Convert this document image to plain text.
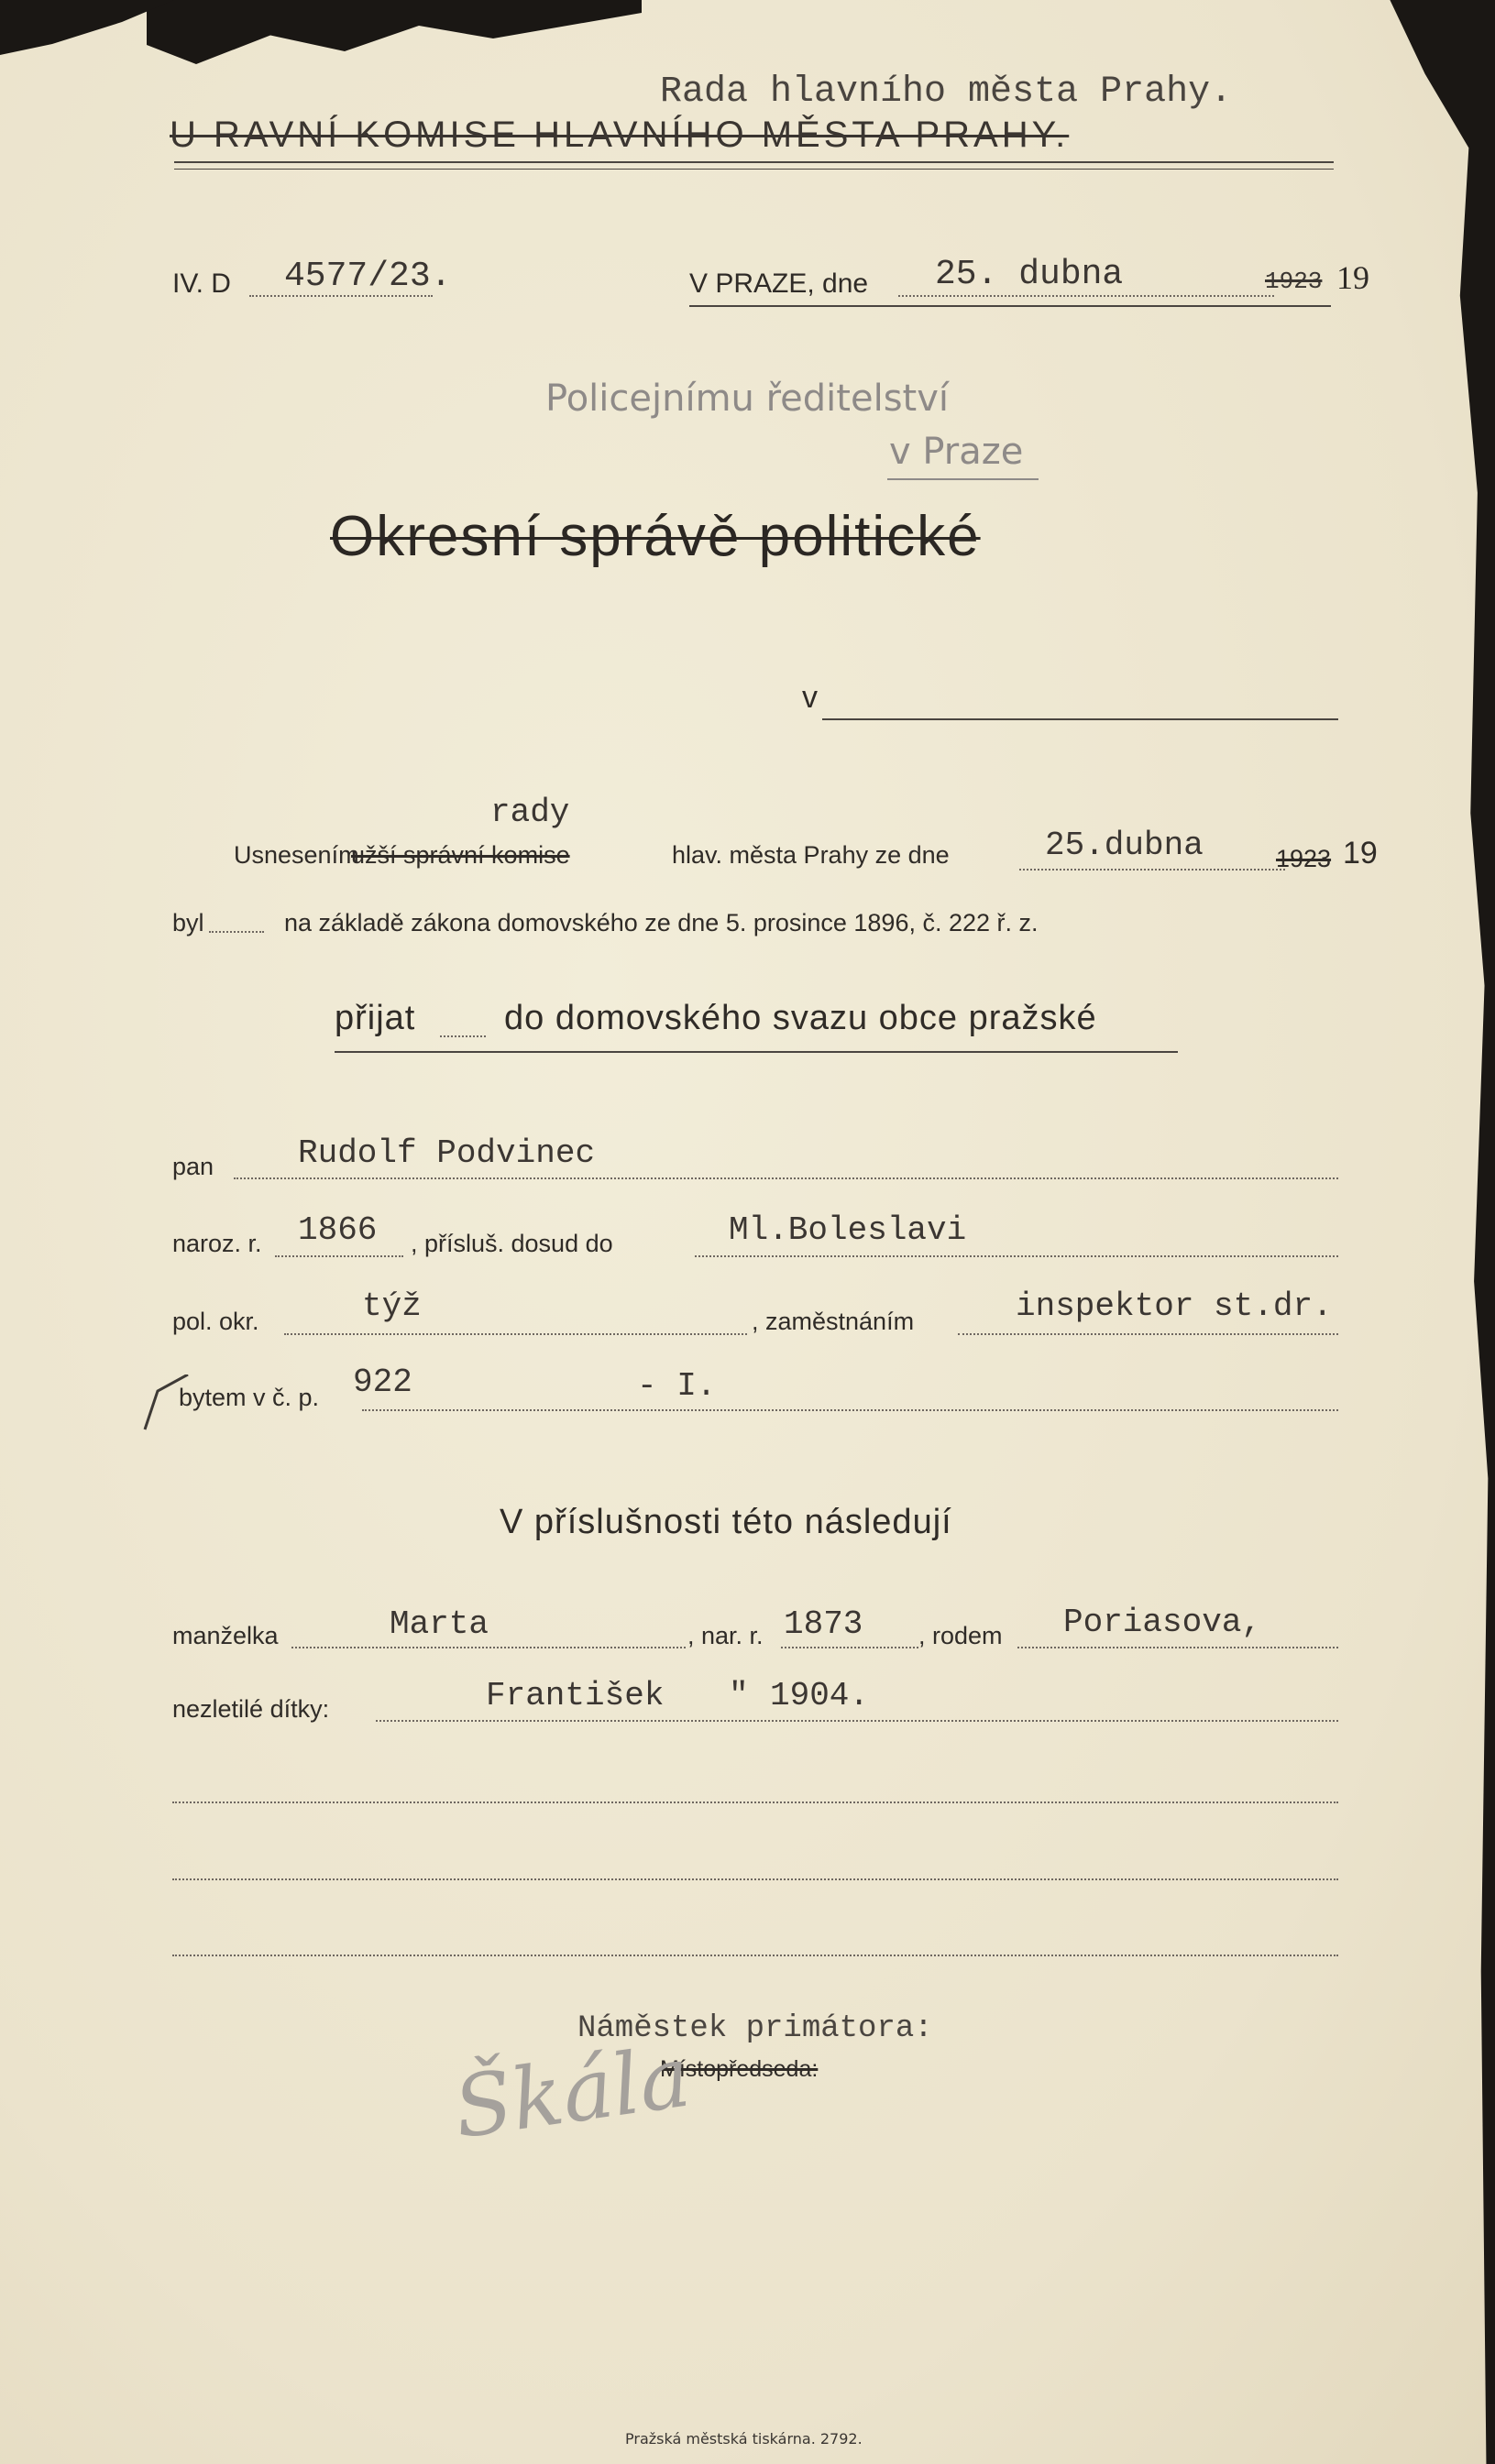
Rada hlavního města Prahy.
U RAVNÍ KOMISE HLAVNÍHO MĚSTA PRAHY.
IV. D 4577/23.	V PRAZE, dne 25. dubna	1923 19
Policejnímu ředitelství
v Praze
Okresní správě politické
v
rady
Usnesením
užší správní komise	hlav. města Prahy ze dne	25.dubna	1923 19
byl	na základě zákona domovského ze dne 5. prosince 1896, č. 222 ř. z.
přijat	do domovského svazu obce pražské
pan	Rudolf Podvinec
naroz. r. 1866 , přísluš. dosud do	Ml.Boleslavi
pol. okr.	týž	, zaměstnáním	inspektor st.dr.
bytem v č. p. 922	- I.
V příslušnosti této následují
manželka	Marta	, nar. r. 1873 , rodem Poriasova,
nezletilé dítky:	František " 1904.
Náměstek primátora:
Místopředseda:
Škála
Pražská městská tiskárna. 2792.
